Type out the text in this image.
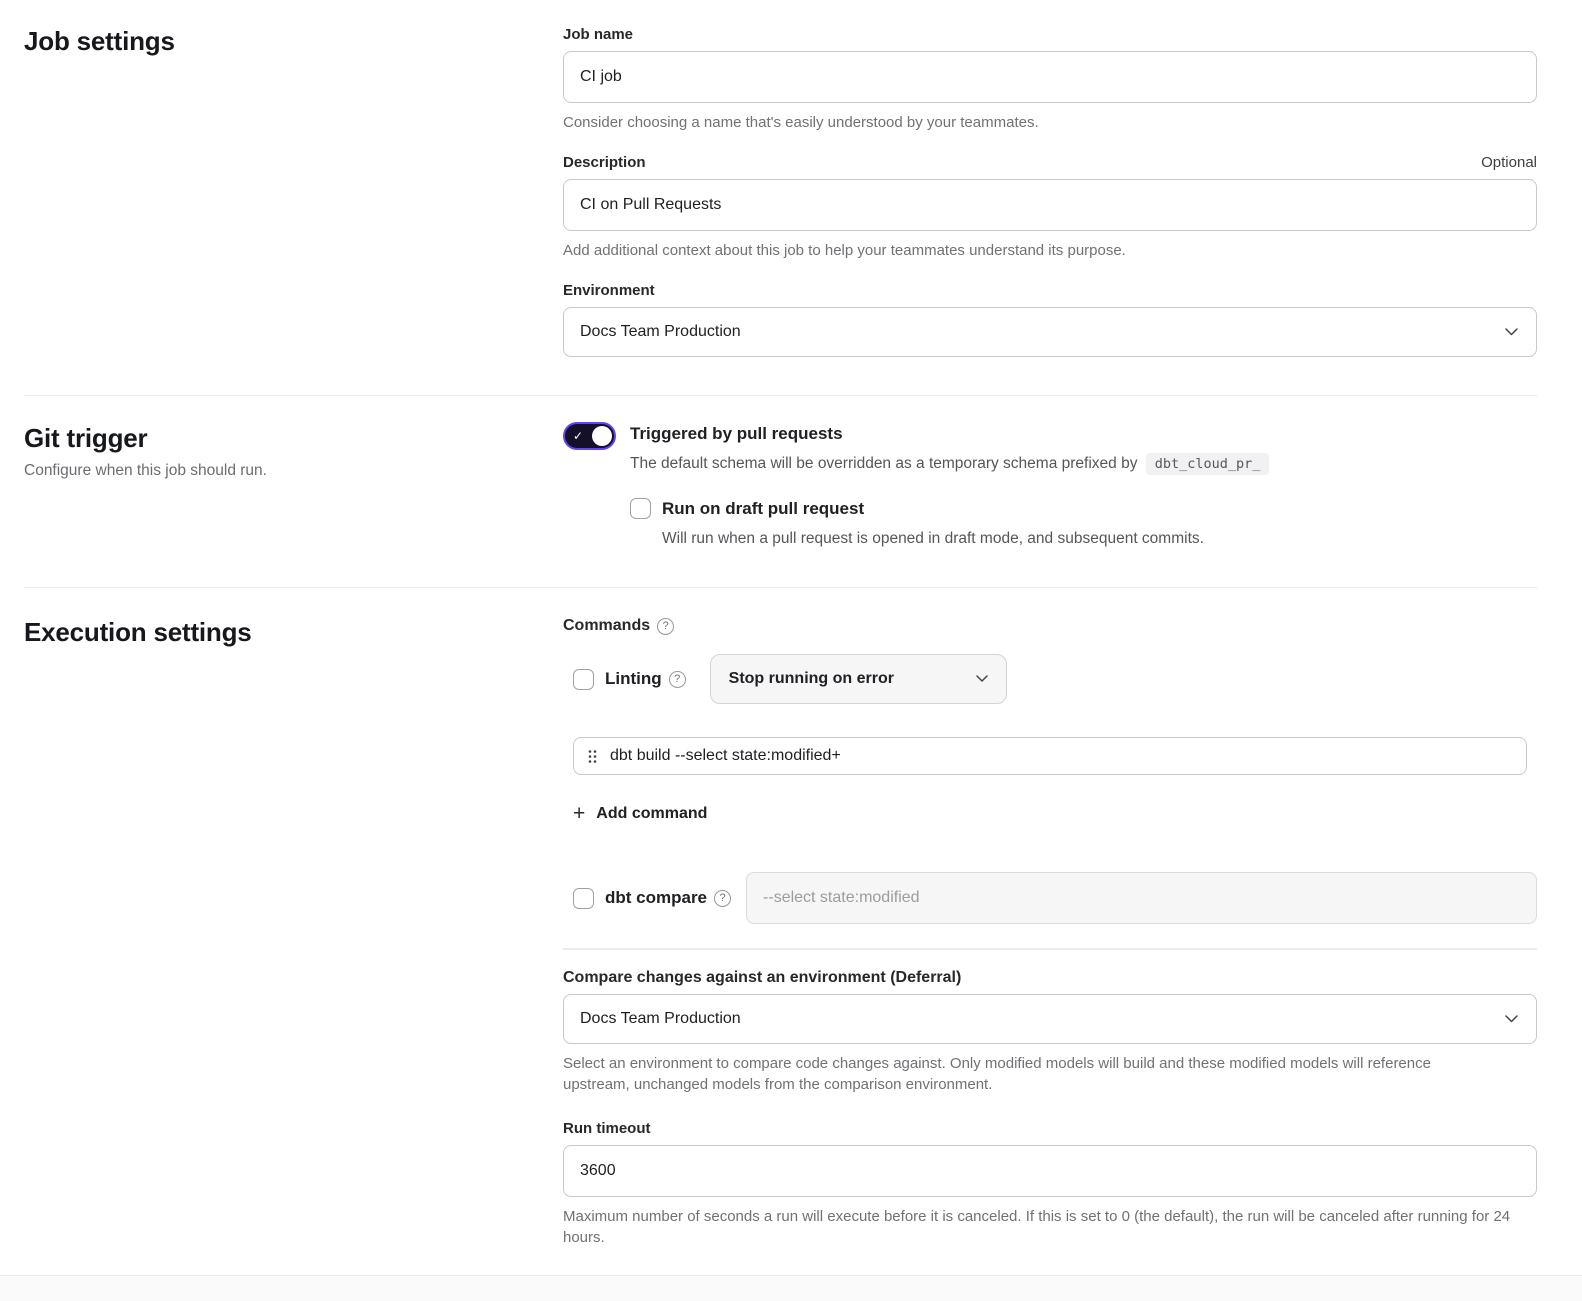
Job settings	Job name
CI job
Consider choosing a name that's easily understood by your teammates.
Description	Optional
CI on Pull Requests
Add additional context about this job to help your teammates understand its purpose.
Environment
Docs Team Production
Git trigger
Configure when this job should run.
✓	Triggered by pull requests
The default schema will be overridden as a temporary schema prefixed by dbt_cloud_pr_
Run on draft pull request
Will run when a pull request is opened in draft mode, and subsequent commits.
Execution settings	Commands	?
Linting	?	Stop running on error
dbt build --select state:modified+
+ Add command
dbt compare	?
--select state:modified
Compare changes against an environment (Deferral)
Docs Team Production
Select an environment to compare code changes against. Only modified models will build and these modified models will reference upstream, unchanged models from the comparison environment.
Run timeout
3600
Maximum number of seconds a run will execute before it is canceled. If this is set to 0 (the default), the run will be canceled after running for 24 hours.
